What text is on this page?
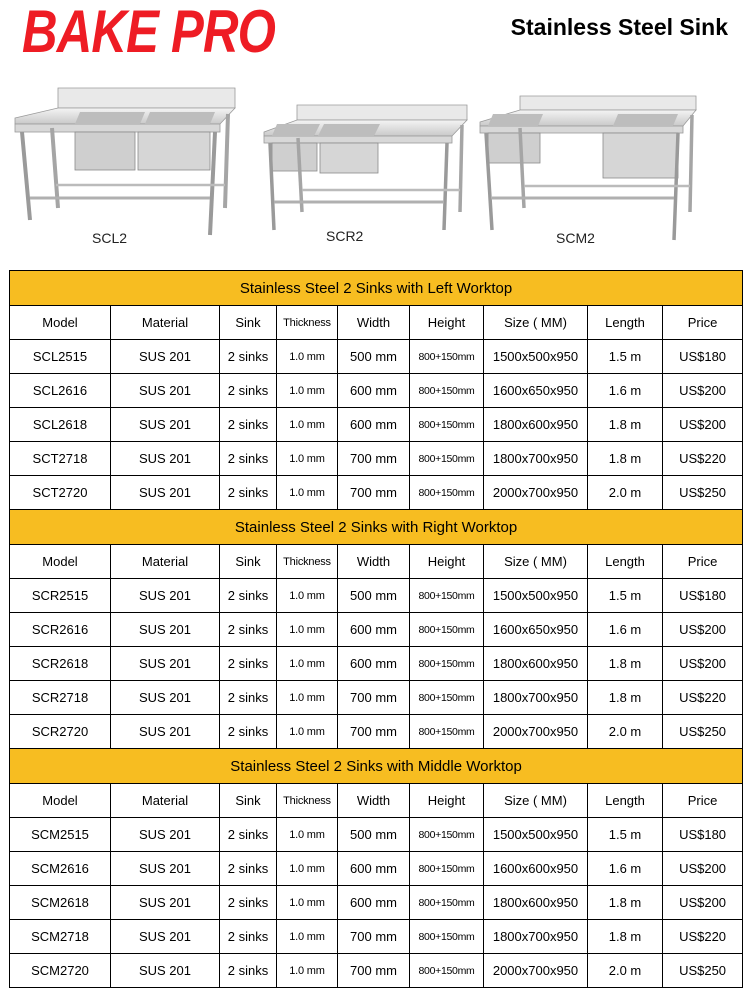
BAKE PRO	Stainless Steel Sink
SCL2	SCR2	SCM2
Stainless Steel 2 Sinks with Left Worktop								
Model	Material	Sink	Thickness	Width	Height	Size ( MM)	Length	Price
SCL2515	SUS 201	2 sinks	1.0 mm	500 mm	800+150mm	1500x500x950	1.5 m	US$180
SCL2616	SUS 201	2 sinks	1.0 mm	600 mm	800+150mm	1600x650x950	1.6 m	US$200
SCL2618	SUS 201	2 sinks	1.0 mm	600 mm	800+150mm	1800x600x950	1.8 m	US$200
SCT2718	SUS 201	2 sinks	1.0 mm	700 mm	800+150mm	1800x700x950	1.8 m	US$220
SCT2720	SUS 201	2 sinks	1.0 mm	700 mm	800+150mm	2000x700x950	2.0 m	US$250
Stainless Steel 2 Sinks with Right Worktop								
Model	Material	Sink	Thickness	Width	Height	Size ( MM)	Length	Price
SCR2515	SUS 201	2 sinks	1.0 mm	500 mm	800+150mm	1500x500x950	1.5 m	US$180
SCR2616	SUS 201	2 sinks	1.0 mm	600 mm	800+150mm	1600x650x950	1.6 m	US$200
SCR2618	SUS 201	2 sinks	1.0 mm	600 mm	800+150mm	1800x600x950	1.8 m	US$200
SCR2718	SUS 201	2 sinks	1.0 mm	700 mm	800+150mm	1800x700x950	1.8 m	US$220
SCR2720	SUS 201	2 sinks	1.0 mm	700 mm	800+150mm	2000x700x950	2.0 m	US$250
Stainless Steel 2 Sinks with Middle Worktop								
Model	Material	Sink	Thickness	Width	Height	Size ( MM)	Length	Price
SCM2515	SUS 201	2 sinks	1.0 mm	500 mm	800+150mm	1500x500x950	1.5 m	US$180
SCM2616	SUS 201	2 sinks	1.0 mm	600 mm	800+150mm	1600x600x950	1.6 m	US$200
SCM2618	SUS 201	2 sinks	1.0 mm	600 mm	800+150mm	1800x600x950	1.8 m	US$200
SCM2718	SUS 201	2 sinks	1.0 mm	700 mm	800+150mm	1800x700x950	1.8 m	US$220
SCM2720	SUS 201	2 sinks	1.0 mm	700 mm	800+150mm	2000x700x950	2.0 m	US$250
